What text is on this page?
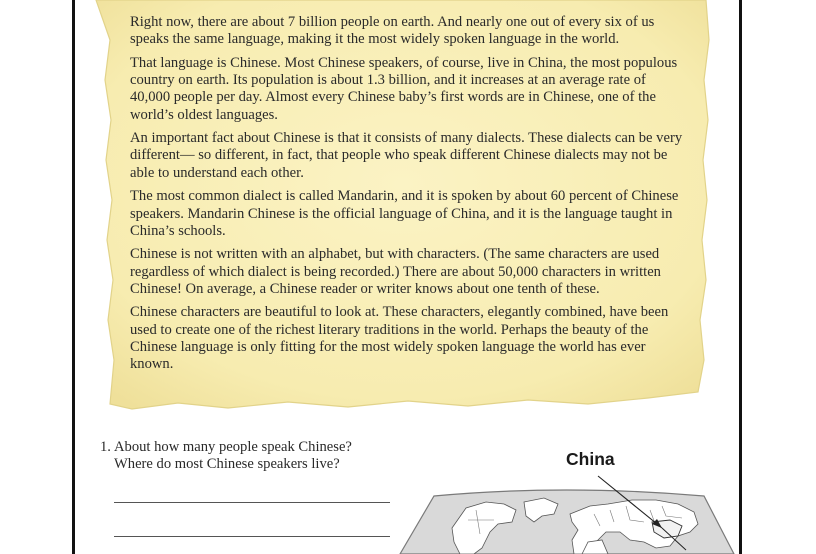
Right now, there are about 7 billion people on earth. And nearly one out of every six of us speaks the same language, making it the most widely spoken language in the world.

That language is Chinese. Most Chinese speakers, of course, live in China, the most populous country on earth. Its population is about 1.3 billion, and it increases at an average rate of 40,000 people per day. Almost every Chinese baby’s first words are in Chinese, one of the world’s oldest languages.

An important fact about Chinese is that it consists of many dialects. These dialects can be very different— so different, in fact, that people who speak different Chinese dialects may not be able to understand each other.

The most common dialect is called Mandarin, and it is spoken by about 60 percent of Chinese speakers. Mandarin Chinese is the official language of China, and it is the language taught in China’s schools.

Chinese is not written with an alphabet, but with characters. (The same characters are used regardless of which dialect is being recorded.) There are about 50,000 characters in written Chinese! On average, a Chinese reader or writer knows about one tenth of these.

Chinese characters are beautiful to look at. These characters, elegantly combined, have been used to create one of the richest literary traditions in the world. Perhaps the beauty of the Chinese language is only fitting for the most widely spoken language the world has ever known.

1. About how many people speak Chinese?
Where do most Chinese speakers live?	China
